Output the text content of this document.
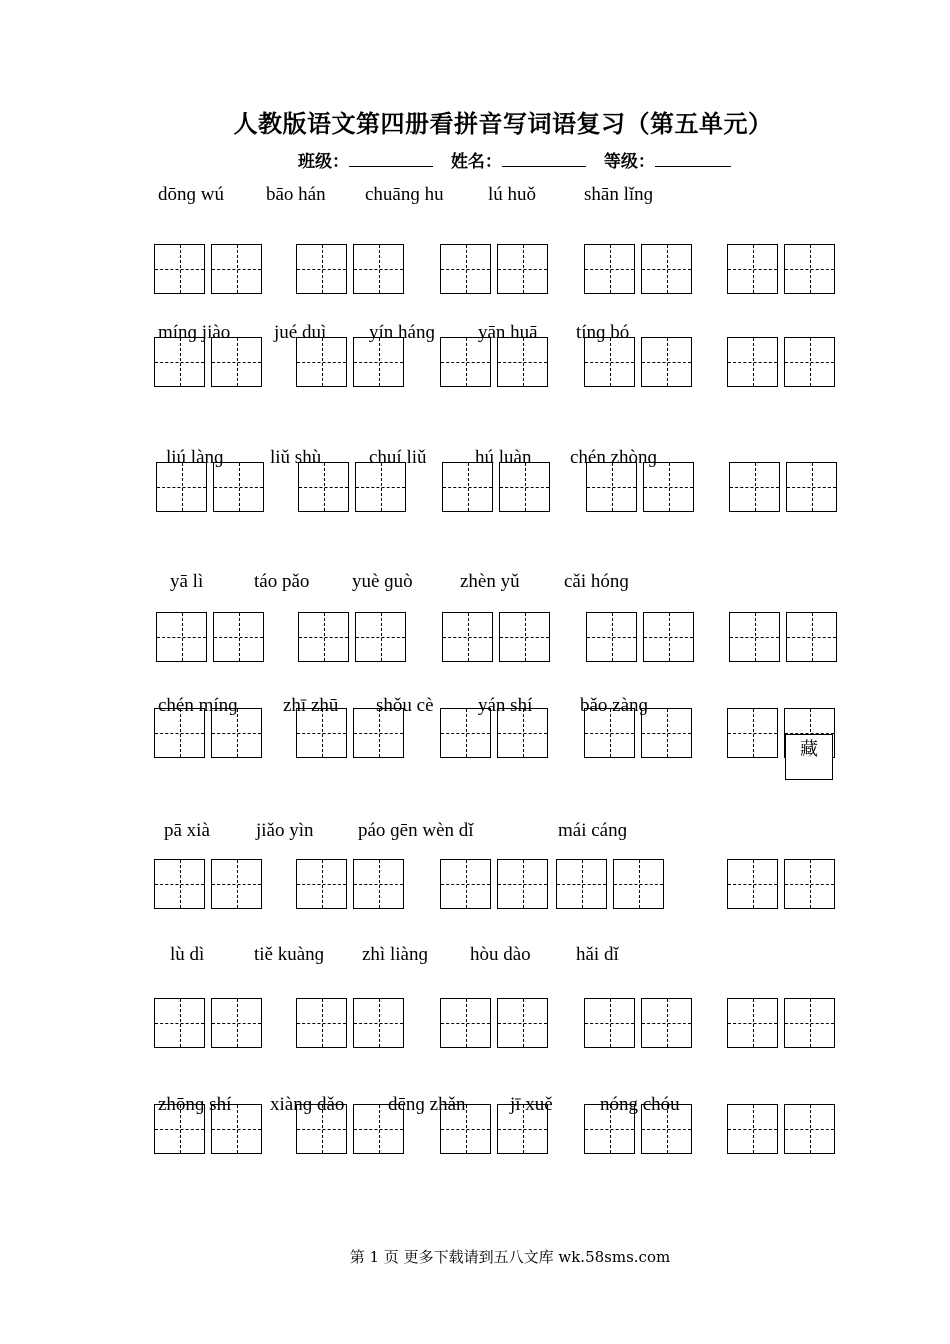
人教版语文第四册看拼音写词语复习（第五单元）
班级：	姓名：	等级：
dōnɡ wú bāo hán chuānɡ hu lú huǒ	shān lǐnɡ
mínɡ jiào jué duì yín hánɡ yān huā tínɡ bó
liú lànɡ liǔ shù	chuí liǔ	hú luàn chén zhònɡ
yā lì	táo pǎo yuè ɡuò zhèn yǔ cǎi hónɡ
藏
chén mínɡ zhī zhū shǒu cè yán shí	bǎo zànɡ
pā xià jiǎo yìn páo ɡēn wèn dǐ	mái cánɡ
lù dì	tiě kuànɡ zhì liànɡ hòu dào hǎi dǐ
zhōnɡ shí xiànɡ dǎo dēnɡ zhǎn jī xuě nóng chóu
第 1 页 更多下载请到五八文库 wk.58sms.com
